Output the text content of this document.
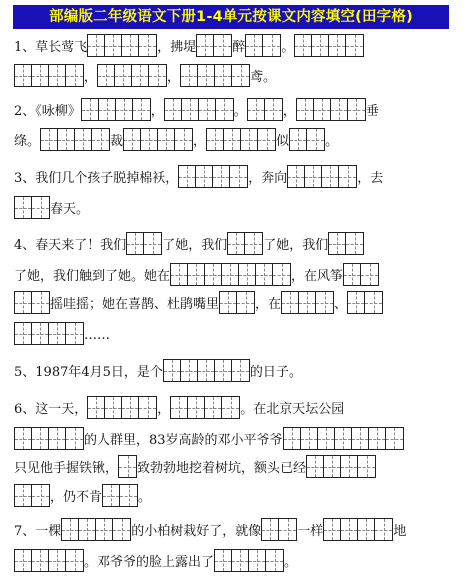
部编版二年级语文下册1-4单元按课文内容填空(田字格)
1、草长莺飞	，拂堤	醉	。
，	，	鸢。
2、《咏柳》	，	。	，	垂
绦。	裁	，	似	。
3、我们几个孩子脱掉棉袄，	，奔向	，去
春天。
4、春天来了！我们	了她，我们	了她，我们
了她，我们触到了她。她在	，在风筝
摇哇摇；她在喜鹊、杜鹃嘴里	，在	、
……
5、1987年4月5日，是个	的日子。
6、这一天，	，	。在北京天坛公园
的人群里，83岁高龄的邓小平爷爷
只见他手握铁锹， 致勃勃地挖着树坑，额头已经
，仍不肯	。
7、一棵	的小柏树栽好了，就像	一样	地
。邓爷爷的脸上露出了	。
